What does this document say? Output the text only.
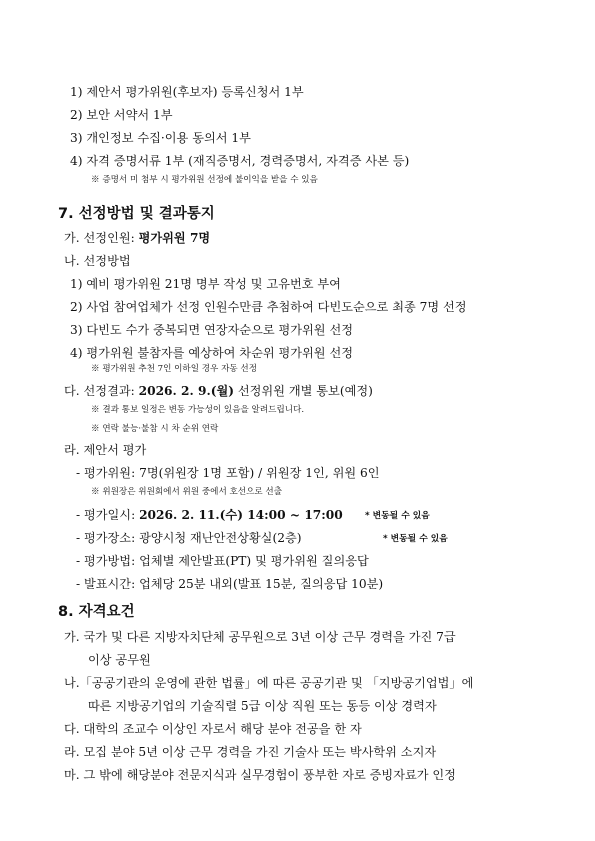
1) 제안서 평가위원(후보자) 등록신청서 1부
2) 보안 서약서 1부
3) 개인정보 수집·이용 동의서 1부
4) 자격 증명서류 1부 (재직증명서, 경력증명서, 자격증 사본 등)
※ 증명서 미 첨부 시 평가위원 선정에 불이익을 받을 수 있음
7. 선정방법 및 결과통지
가. 선정인원: 평가위원 7명
나. 선정방법
1) 예비 평가위원 21명 명부 작성 및 고유번호 부여
2) 사업 참여업체가 선정 인원수만큼 추첨하여 다빈도순으로 최종 7명 선정
3) 다빈도 수가 중복되면 연장자순으로 평가위원 선정
4) 평가위원 불참자를 예상하여 차순위 평가위원 선정
※ 평가위원 추천 7인 이하일 경우 자동 선정
다. 선정결과: 2026. 2. 9.(월) 선정위원 개별 통보(예정)
※ 결과 통보 일정은 변동 가능성이 있음을 알려드립니다.
※ 연락 불능·불참 시 차 순위 연락
라. 제안서 평가
- 평가위원: 7명(위원장 1명 포함) / 위원장 1인, 위원 6인
※ 위원장은 위원회에서 위원 중에서 호선으로 선출
- 평가일시: 2026. 2. 11.(수) 14:00 ~ 17:00	* 변동될 수 있음
- 평가장소: 광양시청 재난안전상황실(2층)	* 변동될 수 있음
- 평가방법: 업체별 제안발표(PT) 및 평가위원 질의응답
- 발표시간: 업체당 25분 내외(발표 15분, 질의응답 10분)
8. 자격요건
가. 국가 및 다른 지방자치단체 공무원으로 3년 이상 근무 경력을 가진 7급
이상 공무원
나.「공공기관의 운영에 관한 법률」에 따른 공공기관 및 「지방공기업법」에
따른 지방공기업의 기술직렬 5급 이상 직원 또는 동등 이상 경력자
다. 대학의 조교수 이상인 자로서 해당 분야 전공을 한 자
라. 모집 분야 5년 이상 근무 경력을 가진 기술사 또는 박사학위 소지자
마. 그 밖에 해당분야 전문지식과 실무경험이 풍부한 자로 증빙자료가 인정
